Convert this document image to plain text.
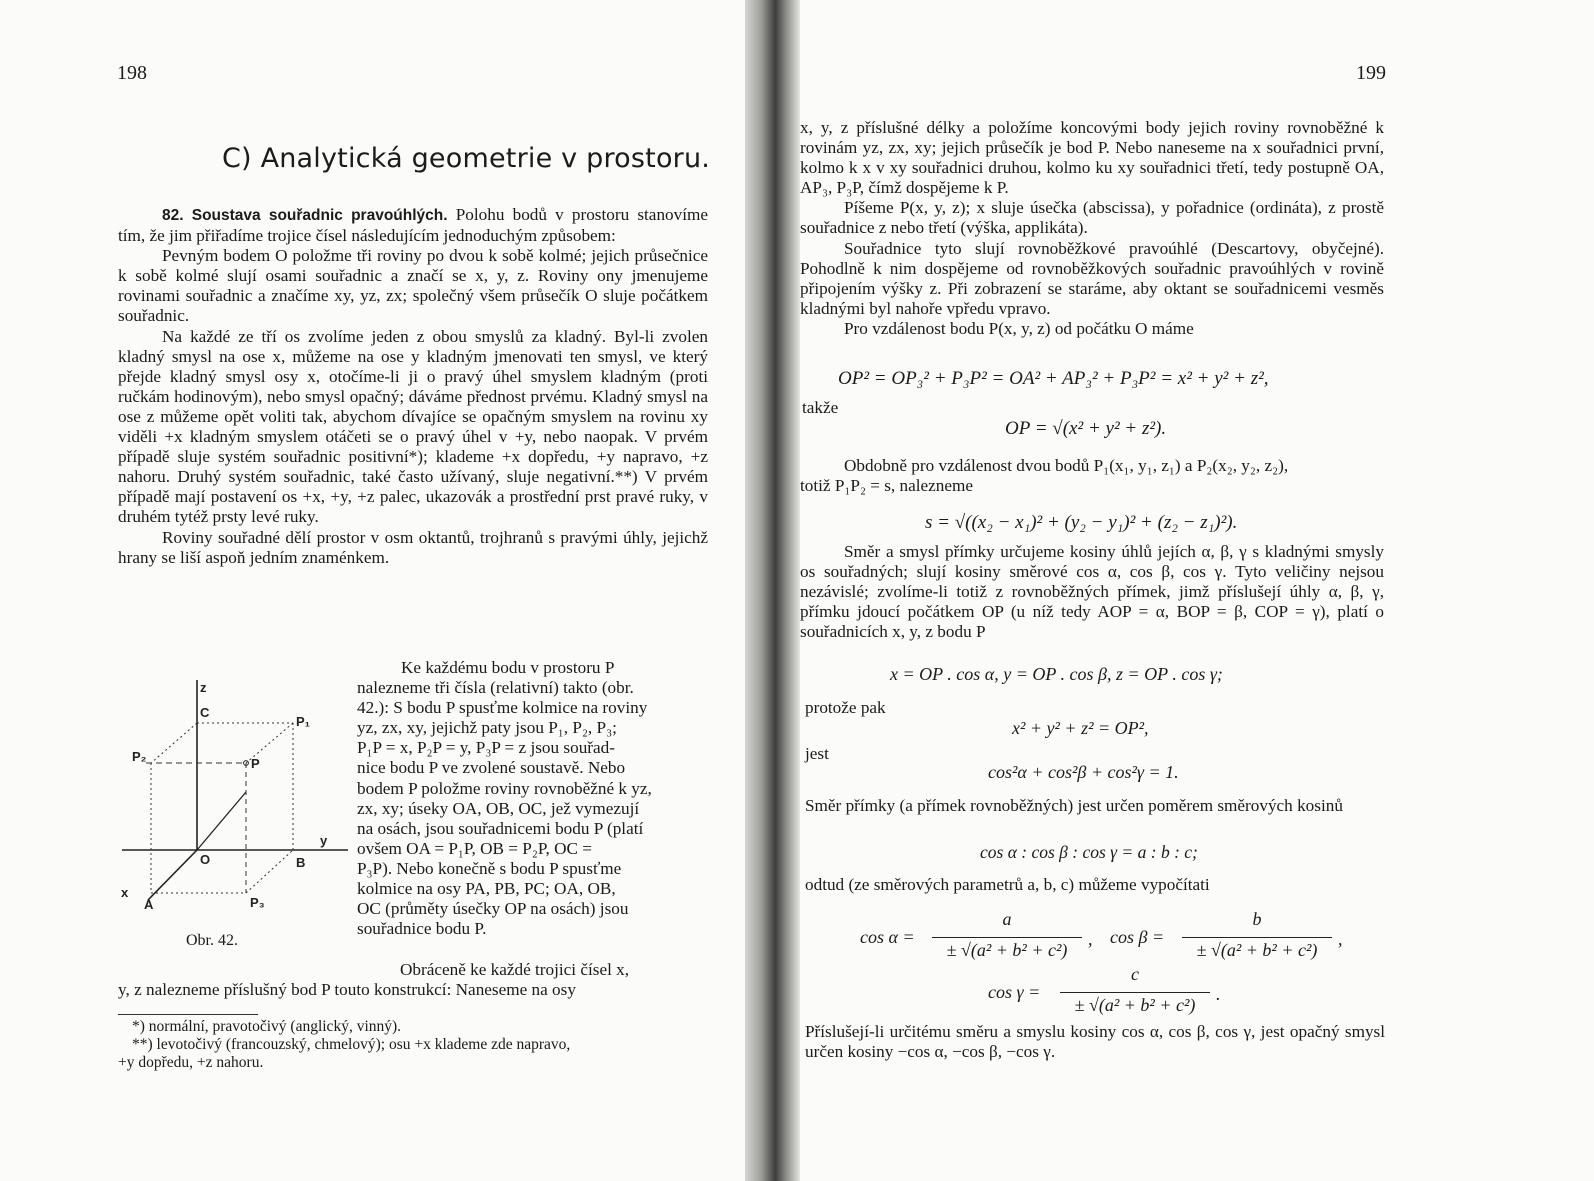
198
C) Analytická geometrie v prostoru.

82. Soustava souřadnic pravoúhlých. Polohu bodů v prostoru stanovíme tím, že jim přiřadíme trojice čísel následujícím jednoduchým způsobem:

Pevným bodem O položme tři roviny po dvou k sobě kolmé; jejich průsečnice k sobě kolmé slují osami souřadnic a značí se x, y, z. Roviny ony jmenujeme rovinami souřadnic a značíme xy, yz, zx; společný všem průsečík O sluje počátkem souřadnic.

Na každé ze tří os zvolíme jeden z obou smyslů za kladný. Byl-li zvolen kladný smysl na ose x, můžeme na ose y kladným jmenovati ten smysl, ve který přejde kladný smysl osy x, otočíme-li ji o pravý úhel smyslem kladným (proti ručkám hodinovým), nebo smysl opačný; dáváme přednost prvému. Kladný smysl na ose z můžeme opět voliti tak, abychom dívajíce se opačným smyslem na rovinu xy viděli +x kladným smyslem otáčeti se o pravý úhel v +y, nebo naopak. V prvém případě sluje systém souřadnic positivní*); klademe +x dopředu, +y napravo, +z nahoru. Druhý systém souřadnic, také často užívaný, sluje negativní.**) V prvém případě mají postavení os +x, +y, +z palec, ukazovák a prostřední prst pravé ruky, v druhém tytéž prsty levé ruky.

Roviny souřadné dělí prostor v osm oktantů, trojhranů s pravými úhly, jejichž hrany se liší aspoň jedním znaménkem.

z
C
P₁
P₂	P
y
O	B
x
A	P₃
Obr. 42.
Ke každému bodu v prostoru P
nalezneme tři čísla (relativní) takto (obr.
42.): S bodu P spusťme kolmice na roviny
yz, zx, xy, jejichž paty jsou P₁, P₂, P₃;
P₁P = x, P₂P = y, P₃P = z jsou souřad-
nice bodu P ve zvolené soustavě. Nebo
bodem P položme roviny rovnoběžné k yz,
zx, xy; úseky OA, OB, OC, jež vymezují
na osách, jsou souřadnicemi bodu P (platí
ovšem OA = P₁P, OB = P₂P, OC =
P₃P). Nebo konečně s bodu P spusťme
kolmice na osy PA, PB, PC; OA, OB,
OC (průměty úsečky OP na osách) jsou
souřadnice bodu P.
Obráceně ke každé trojici čísel x,
y, z nalezneme příslušný bod P touto konstrukcí: Naneseme na osy
*) normální, pravotočivý (anglický, vinný).
**) levotočivý (francouzský, chmelový); osu +x klademe zde napravo,
+y dopředu, +z nahoru.
199

x, y, z příslušné délky a položíme koncovými body jejich roviny rovnoběžné k rovinám yz, zx, xy; jejich průsečík je bod P. Nebo naneseme na x souřadnici první, kolmo k x v xy souřadnici druhou, kolmo ku xy souřadnici třetí, tedy postupně OA, AP₃, P₃P, čímž dospějeme k P.

Píšeme P(x, y, z); x sluje úsečka (abscissa), y pořadnice (ordináta), z prostě souřadnice z nebo třetí (výška, applikáta).

Souřadnice tyto slují rovnoběžkové pravoúhlé (Descartovy, obyčejné). Pohodlně k nim dospějeme od rovnoběžkových souřadnic pravoúhlých v rovině připojením výšky z. Při zobrazení se staráme, aby oktant se souřadnicemi vesměs kladnými byl nahoře vpředu vpravo.

Pro vzdálenost bodu P(x, y, z) od počátku O máme

OP² = OP₃² + P₃P² = OA² + AP₃² + P₃P² = x² + y² + z²,
takže
OP = √(x² + y² + z²).

Obdobně pro vzdálenost dvou bodů P₁(x₁, y₁, z₁) a P₂(x₂, y₂, z₂),

totiž P₁P₂ = s, nalezneme

s = √((x₂ − x₁)² + (y₂ − y₁)² + (z₂ − z₁)²).

Směr a smysl přímky určujeme kosiny úhlů jejích α, β, γ s kladnými smysly os souřadných; slují kosiny směrové cos α, cos β, cos γ. Tyto veličiny nejsou nezávislé; zvolíme-li totiž z rovnoběžných přímek, jimž příslušejí úhly α, β, γ, přímku jdoucí počátkem OP (u níž tedy AOP = α, BOP = β, COP = γ), platí o souřadnicích x, y, z bodu P

x = OP . cos α, y = OP . cos β, z = OP . cos γ;
protože pak
x² + y² + z² = OP²,
jest
cos²α + cos²β + cos²γ = 1.

Směr přímky (a přímek rovnoběžných) jest určen poměrem směrových kosinů

cos α : cos β : cos γ = a : b : c;
odtud (ze směrových parametrů a, b, c) můžeme vypočítati
cos α =
a
± √(a² + b² + c²)
, cos β =
b
± √(a² + b² + c²)
,
cos γ =
c
± √(a² + b² + c²)
.

Příslušejí-li určitému směru a smyslu kosiny cos α, cos β, cos γ, jest opačný smysl určen kosiny −cos α, −cos β, −cos γ.
